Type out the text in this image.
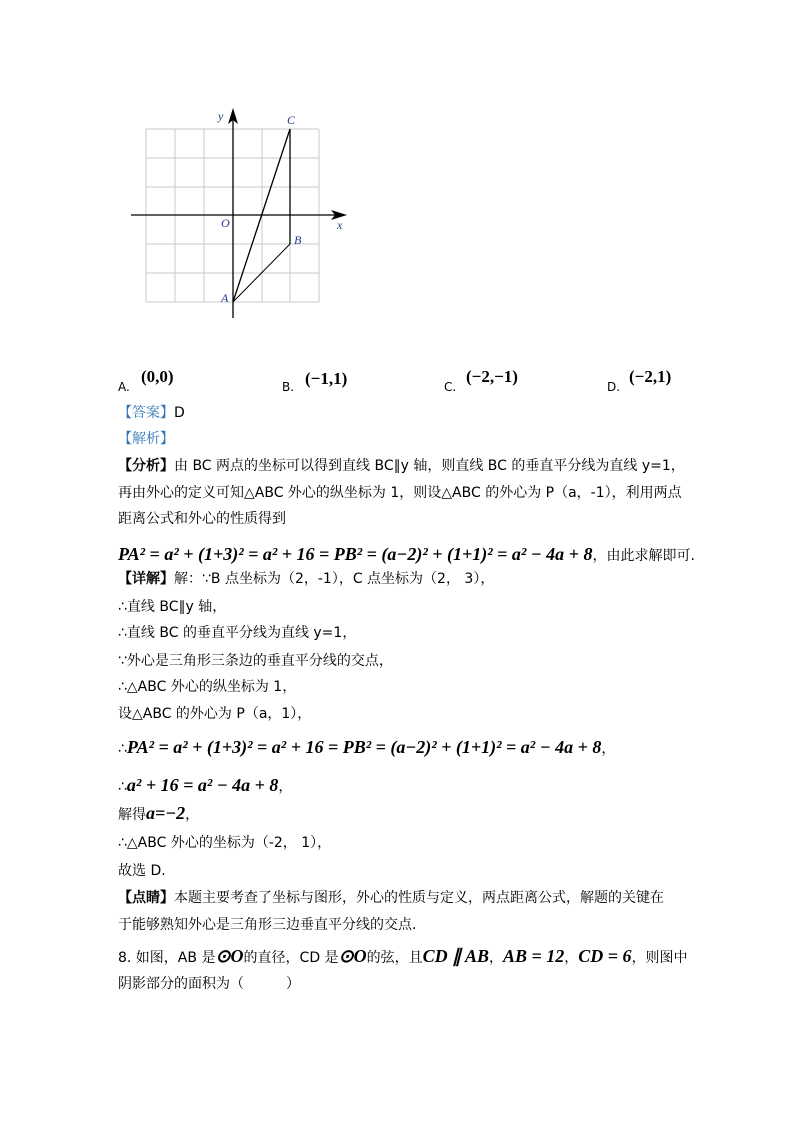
y
x
O
A
B
C
A.
(0,0)
B. (−1,1)	C.
(−2,−1)
D.
(−2,1)
【答案】D
【解析】
【分析】由 BC 两点的坐标可以得到直线 BC∥y 轴，则直线 BC 的垂直平分线为直线 y=1，
再由外心的定义可知△ABC 外心的纵坐标为 1，则设△ABC 的外心为 P（a，-1），利用两点
距离公式和外心的性质得到
PA² = a² + (1+3)² = a² + 16 = PB² = (a−2)² + (1+1)² = a² − 4a + 8，由此求解即可.
【详解】解：∵B 点坐标为（2，-1），C 点坐标为（2， 3），
∴直线 BC∥y 轴，
∴直线 BC 的垂直平分线为直线 y=1，
∵外心是三角形三条边的垂直平分线的交点，
∴△ABC 外心的纵坐标为 1，
设△ABC 的外心为 P（a，1），
∴PA² = a² + (1+3)² = a² + 16 = PB² = (a−2)² + (1+1)² = a² − 4a + 8，
∴a² + 16 = a² − 4a + 8，
解得a=−2，
∴△ABC 外心的坐标为（-2， 1），
故选 D.
【点睛】本题主要考查了坐标与图形，外心的性质与定义，两点距离公式，解题的关键在
于能够熟知外心是三角形三边垂直平分线的交点.
8. 如图，AB 是⊙O的直径，CD 是⊙O的弦，且CD ∥ AB，AB = 12，CD = 6，则图中
阴影部分的面积为（　　　）
